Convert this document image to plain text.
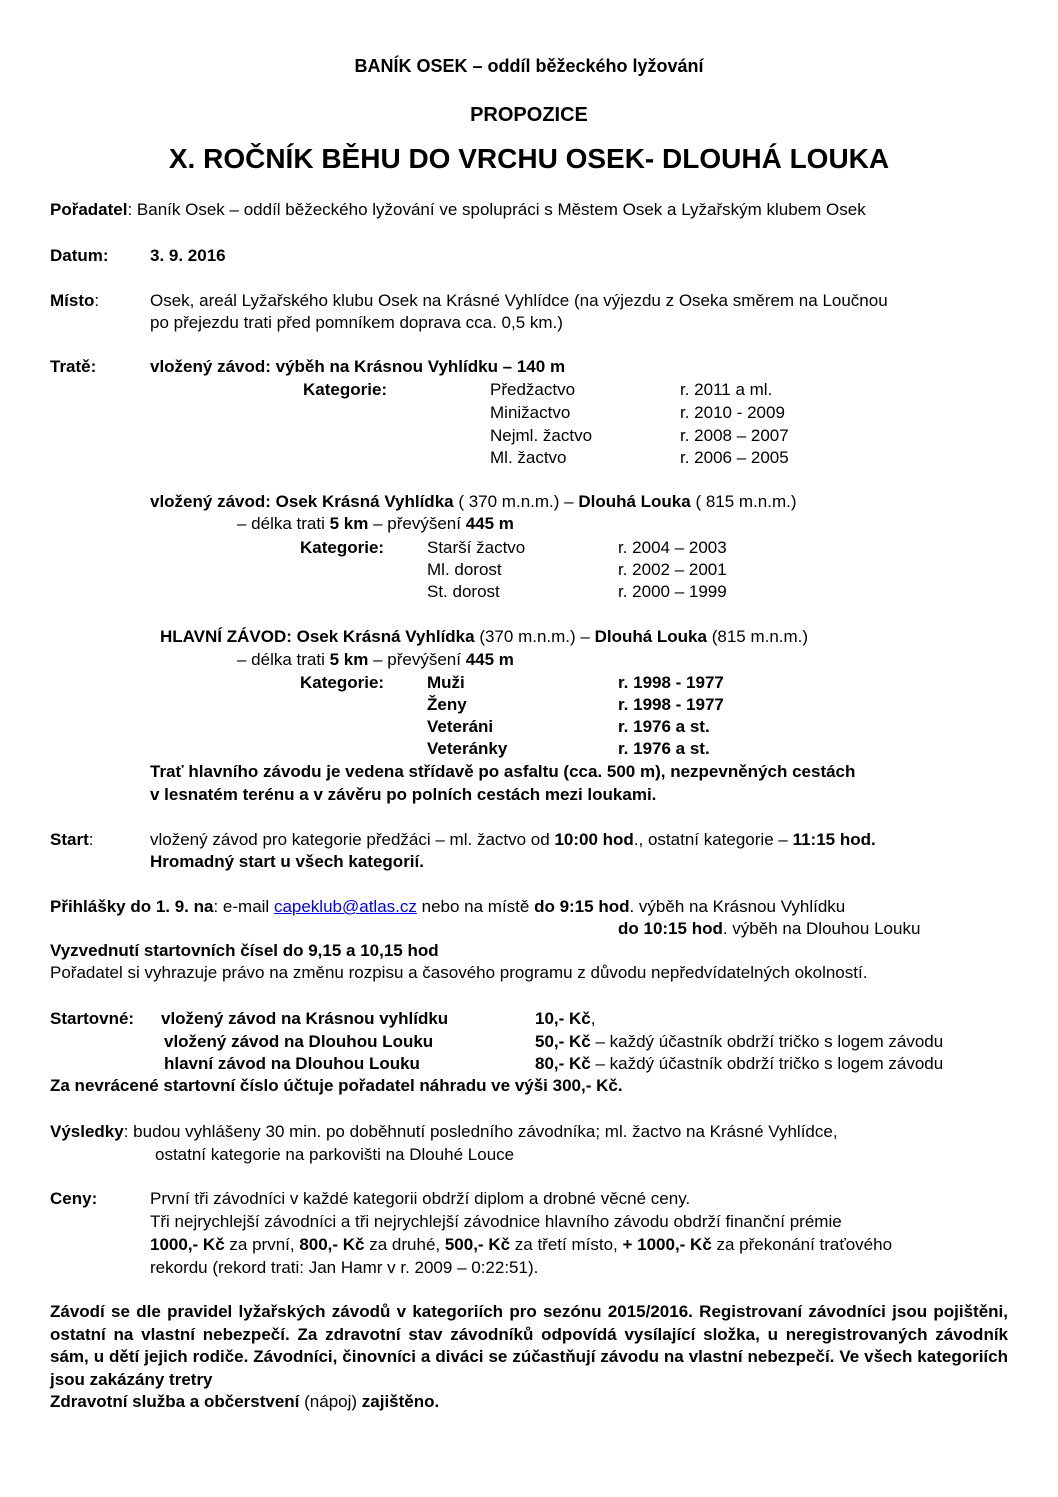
BANÍK OSEK – oddíl běžeckého lyžování
PROPOZICE
X. ROČNÍK BĚHU DO VRCHU OSEK- DLOUHÁ LOUKA
Pořadatel: Baník Osek – oddíl běžeckého lyžování ve spolupráci s Městem Osek a Lyžařským klubem Osek
Datum: 3. 9. 2016
Místo:	Osek, areál Lyžařského klubu Osek na Krásné Vyhlídce (na výjezdu z Oseka směrem na Loučnou
po přejezdu trati před pomníkem doprava cca. 0,5 km.)
Tratě:	vložený závod: výběh na Krásnou Vyhlídku – 140 m
Kategorie:	Předžactvo	r. 2011 a ml.
Minižactvo	r. 2010 - 2009
Nejml. žactvo	r. 2008 – 2007
Ml. žactvo	r. 2006 – 2005
vložený závod: Osek Krásná Vyhlídka ( 370 m.n.m.) – Dlouhá Louka ( 815 m.n.m.)
– délka trati 5 km – převýšení 445 m
Kategorie:	Starší žactvo	r. 2004 – 2003
Ml. dorost	r. 2002 – 2001
St. dorost	r. 2000 – 1999
HLAVNÍ ZÁVOD: Osek Krásná Vyhlídka (370 m.n.m.) – Dlouhá Louka (815 m.n.m.)
– délka trati 5 km – převýšení 445 m
Kategorie:	Muži	r. 1998 - 1977
Ženy	r. 1998 - 1977
Veteráni	r. 1976 a st.
Veteránky	r. 1976 a st.
Trať hlavního závodu je vedena střídavě po asfaltu (cca. 500 m), nezpevněných cestách
v lesnatém terénu a v závěru po polních cestách mezi loukami.
Start:	vložený závod pro kategorie předžáci – ml. žactvo od 10:00 hod., ostatní kategorie – 11:15 hod.
Hromadný start u všech kategorií.
Přihlášky do 1. 9. na: e-mail capeklub@atlas.cz nebo na místě do 9:15 hod. výběh na Krásnou Vyhlídku
do 10:15 hod. výběh na Dlouhou Louku
Vyzvednutí startovních čísel do 9,15 a 10,15 hod
Pořadatel si vyhrazuje právo na změnu rozpisu a časového programu z důvodu nepředvídatelných okolností.
Startovné: vložený závod na Krásnou vyhlídku	10,- Kč,
vložený závod na Dlouhou Louku	50,- Kč – každý účastník obdrží tričko s logem závodu
hlavní závod na Dlouhou Louku	80,- Kč – každý účastník obdrží tričko s logem závodu
Za nevrácené startovní číslo účtuje pořadatel náhradu ve výši 300,- Kč.
Výsledky: budou vyhlášeny 30 min. po doběhnutí posledního závodníka; ml. žactvo na Krásné Vyhlídce,
ostatní kategorie na parkovišti na Dlouhé Louce
Ceny:	První tři závodníci v každé kategorii obdrží diplom a drobné věcné ceny.
Tři nejrychlejší závodníci a tři nejrychlejší závodnice hlavního závodu obdrží finanční prémie
1000,- Kč za první, 800,- Kč za druhé, 500,- Kč za třetí místo, + 1000,- Kč za překonání traťového
rekordu (rekord trati: Jan Hamr v r. 2009 – 0:22:51).
Závodí se dle pravidel lyžařských závodů v kategoriích pro sezónu 2015/2016. Registrovaní závodníci jsou pojištěni, ostatní na vlastní nebezpečí. Za zdravotní stav závodníků odpovídá vysílající složka, u neregistrovaných závodník sám, u dětí jejich rodiče. Závodníci, činovníci a diváci se zúčastňují závodu na vlastní nebezpečí. Ve všech kategoriích jsou zakázány tretry
Zdravotní služba a občerstvení (nápoj) zajištěno.
